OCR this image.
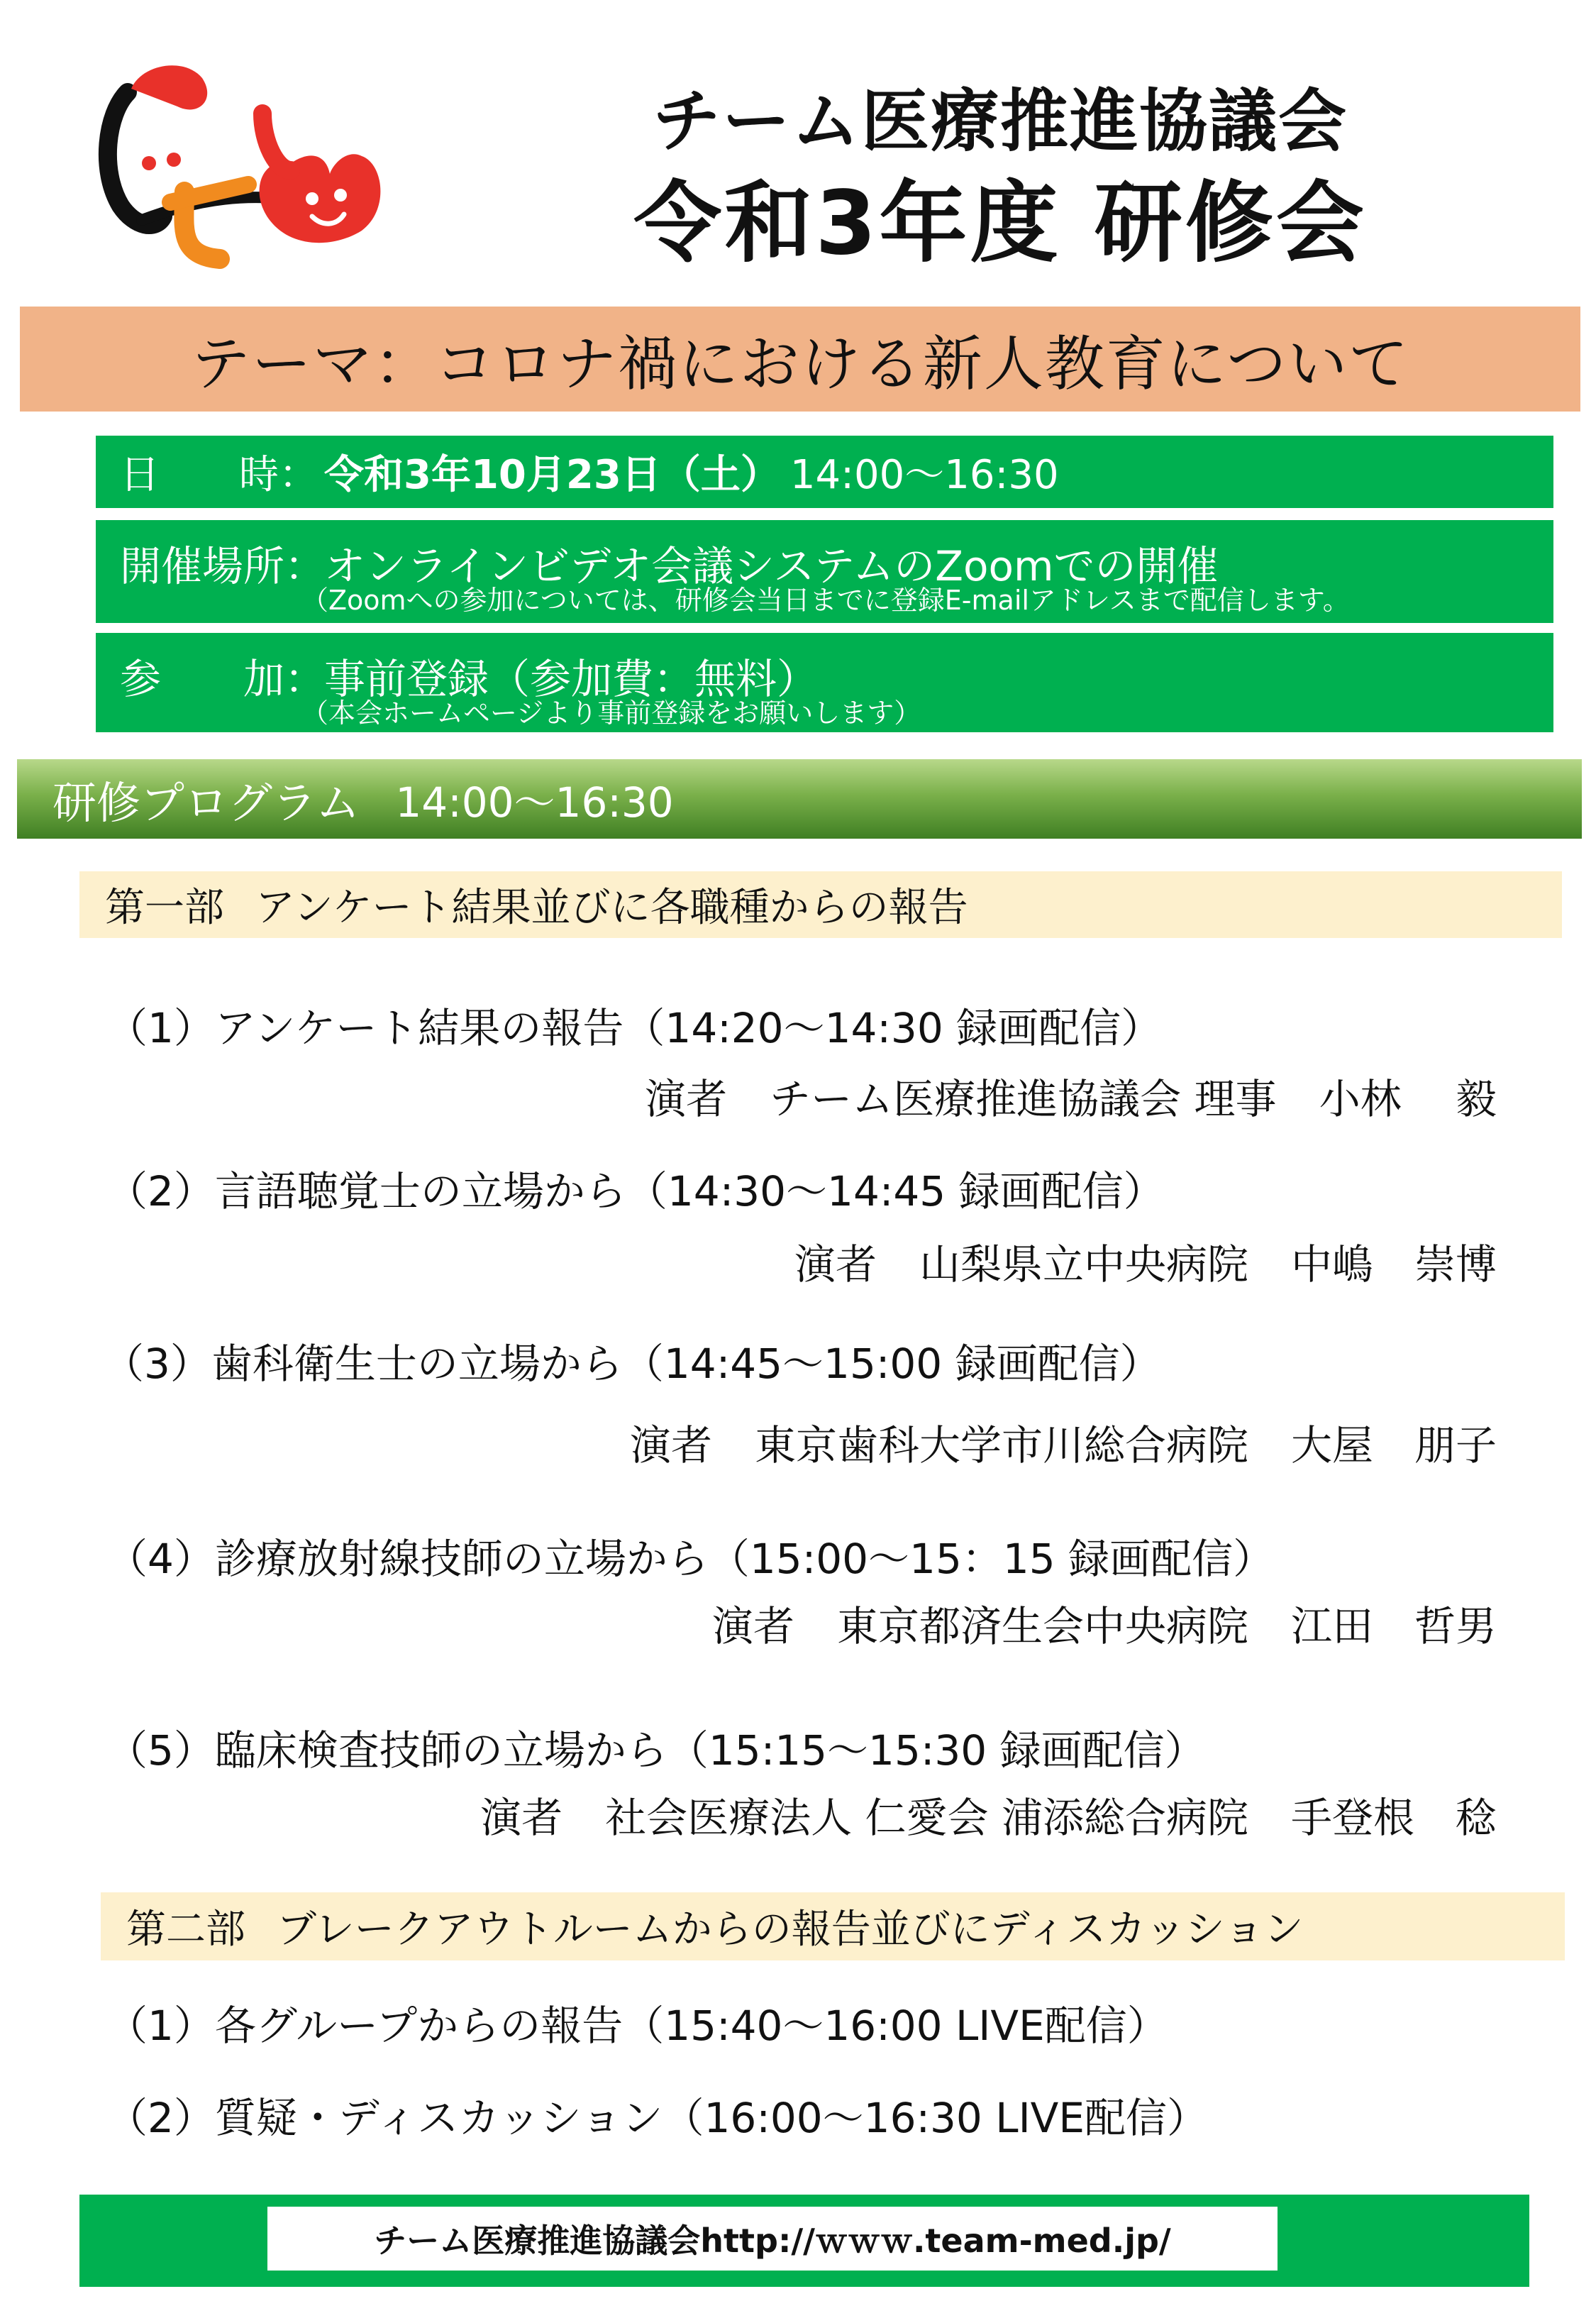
チーム医療推進協議会
令和3年度 研修会
テーマ：コロナ禍における新人教育について
日　　時： 令和3年10月23日（土） 14:00～16:30
開催場所：オンラインビデオ会議システムのZoomでの開催
（Zoomへの参加については、研修会当日までに登録E-mailアドレスまで配信します。
参　　加：事前登録（参加費：無料）
（本会ホームページより事前登録をお願いします）
研修プログラム 14:00～16:30
第一部 アンケート結果並びに各職種からの報告
（1）アンケート結果の報告（14:20～14:30 録画配信）
演者 チーム医療推進協議会 理事 小林　 毅
（2）言語聴覚士の立場から（14:30～14:45 録画配信）
演者 山梨県立中央病院 中嶋　崇博
（3）歯科衛生士の立場から（14:45～15:00 録画配信）
演者 東京歯科大学市川総合病院 大屋　朋子
（4）診療放射線技師の立場から（15:00～15：15 録画配信）
演者 東京都済生会中央病院 江田　哲男
（5）臨床検査技師の立場から（15:15～15:30 録画配信）
演者 社会医療法人 仁愛会 浦添総合病院 手登根　稔
第二部 ブレークアウトルームからの報告並びにディスカッション
（1）各グループからの報告（15:40～16:00 LIVE配信）
（2）質疑・ディスカッション（16:00～16:30 LIVE配信）
チーム医療推進協議会http://ｗｗｗ.team-med.jp/
